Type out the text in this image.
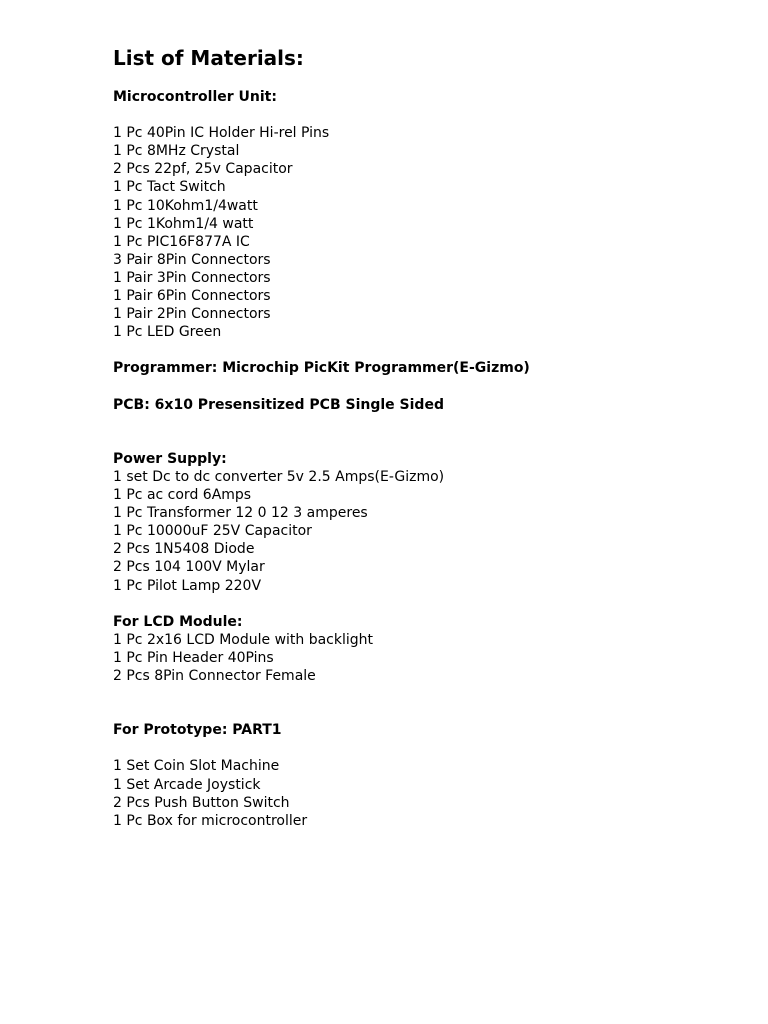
List of Materials:
Microcontroller Unit:
1 Pc 40Pin IC Holder Hi-rel Pins
1 Pc 8MHz Crystal
2 Pcs 22pf, 25v Capacitor
1 Pc Tact Switch
1 Pc 10Kohm1/4watt
1 Pc 1Kohm1/4 watt
1 Pc PIC16F877A IC
3 Pair 8Pin Connectors
1 Pair 3Pin Connectors
1 Pair 6Pin Connectors
1 Pair 2Pin Connectors
1 Pc LED Green
Programmer: Microchip PicKit Programmer(E-Gizmo)
PCB: 6x10 Presensitized PCB Single Sided
Power Supply:
1 set Dc to dc converter 5v 2.5 Amps(E-Gizmo)
1 Pc ac cord 6Amps
1 Pc Transformer 12 0 12 3 amperes
1 Pc 10000uF 25V Capacitor
2 Pcs 1N5408 Diode
2 Pcs 104 100V Mylar
1 Pc Pilot Lamp 220V
For LCD Module:
1 Pc 2x16 LCD Module with backlight
1 Pc Pin Header 40Pins
2 Pcs 8Pin Connector Female
For Prototype: PART1
1 Set Coin Slot Machine
1 Set Arcade Joystick
2 Pcs Push Button Switch
1 Pc Box for microcontroller
